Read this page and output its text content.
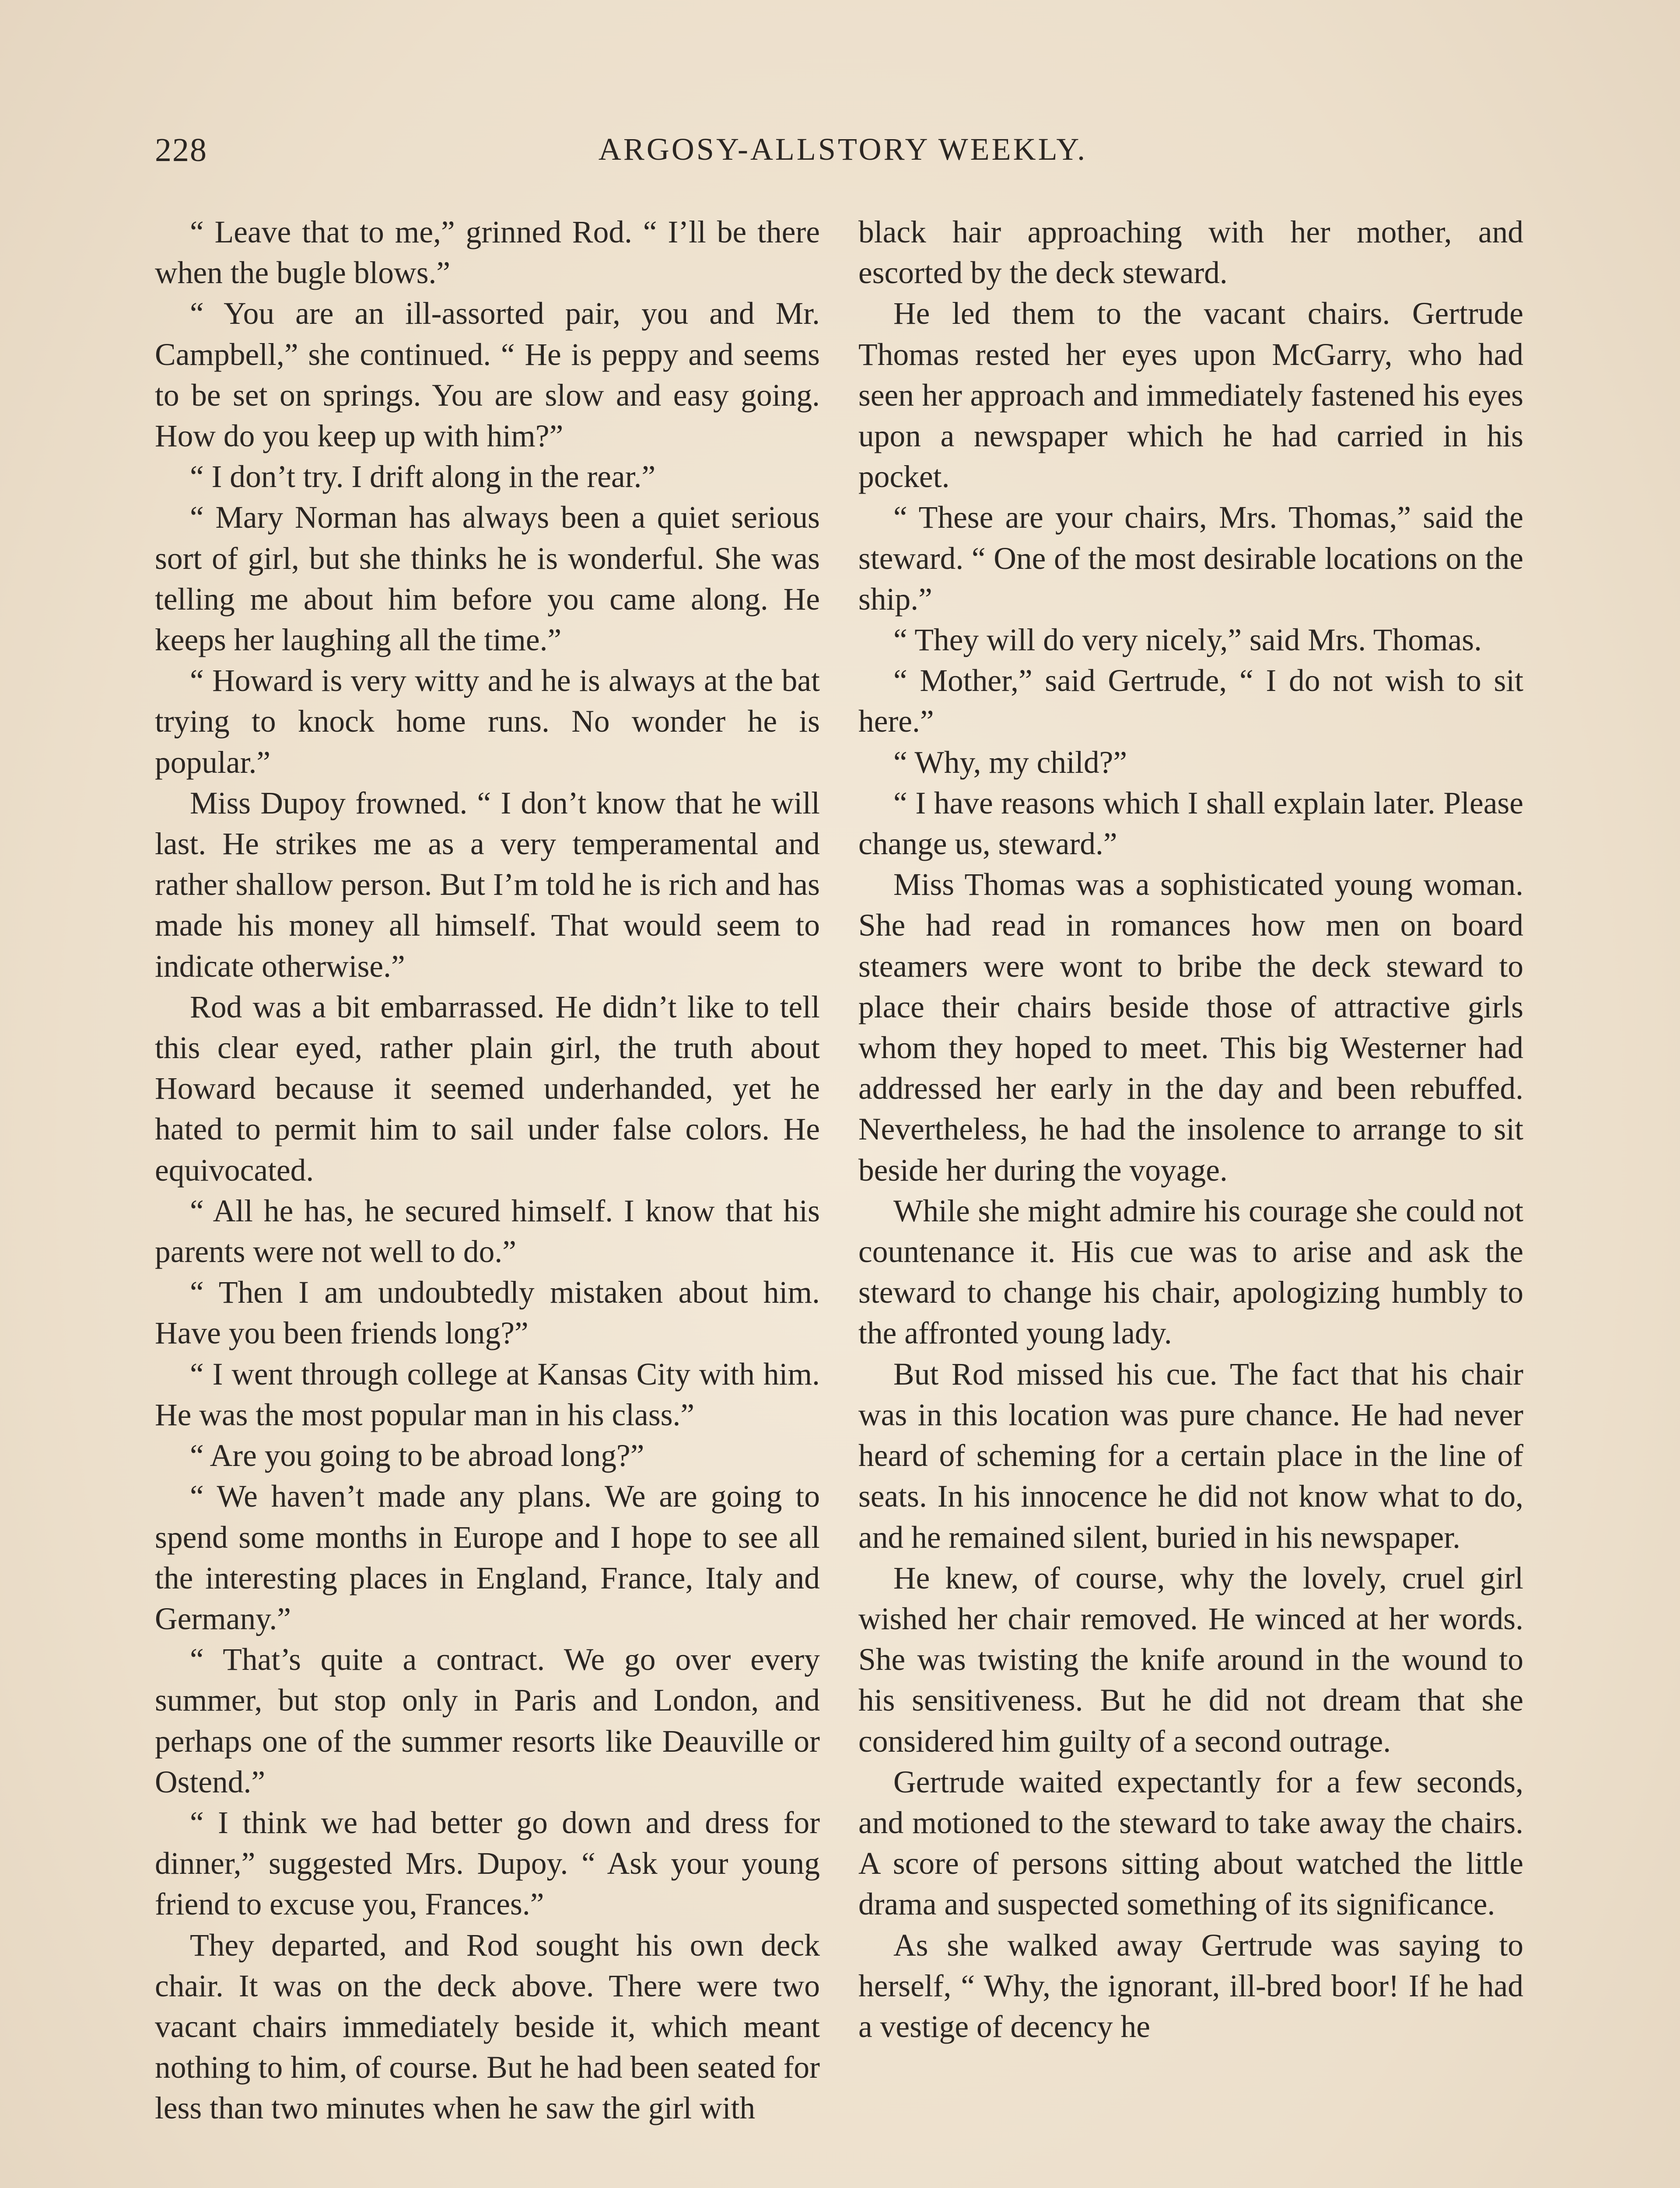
228	ARGOSY-ALLSTORY WEEKLY.

“ Leave that to me,” grinned Rod. “ I’ll be there when the bugle blows.”

“ You are an ill-assorted pair, you and Mr. Campbell,” she continued. “ He is peppy and seems to be set on springs. You are slow and easy going. How do you keep up with him?”

“ I don’t try. I drift along in the rear.”

“ Mary Norman has always been a quiet serious sort of girl, but she thinks he is wonderful. She was telling me about him before you came along. He keeps her laughing all the time.”

“ Howard is very witty and he is always at the bat trying to knock home runs. No wonder he is popular.”

Miss Dupoy frowned. “ I don’t know that he will last. He strikes me as a very temperamental and rather shallow person. But I’m told he is rich and has made his money all himself. That would seem to indicate otherwise.”

Rod was a bit embarrassed. He didn’t like to tell this clear eyed, rather plain girl, the truth about Howard because it seemed underhanded, yet he hated to permit him to sail under false colors. He equivocated.

“ All he has, he secured himself. I know that his parents were not well to do.”

“ Then I am undoubtedly mistaken about him. Have you been friends long?”

“ I went through college at Kansas City with him. He was the most popular man in his class.”

“ Are you going to be abroad long?”

“ We haven’t made any plans. We are going to spend some months in Europe and I hope to see all the interesting places in England, France, Italy and Germany.”

“ That’s quite a contract. We go over every summer, but stop only in Paris and London, and perhaps one of the summer resorts like Deauville or Ostend.”

“ I think we had better go down and dress for dinner,” suggested Mrs. Dupoy. “ Ask your young friend to excuse you, Frances.”

They departed, and Rod sought his own deck chair. It was on the deck above. There were two vacant chairs immediately beside it, which meant nothing to him, of course. But he had been seated for less than two minutes when he saw the girl with

black hair approaching with her mother, and escorted by the deck steward.

He led them to the vacant chairs. Gertrude Thomas rested her eyes upon McGarry, who had seen her approach and immediately fastened his eyes upon a newspaper which he had carried in his pocket.

“ These are your chairs, Mrs. Thomas,” said the steward. “ One of the most desirable locations on the ship.”

“ They will do very nicely,” said Mrs. Thomas.

“ Mother,” said Gertrude, “ I do not wish to sit here.”

“ Why, my child?”

“ I have reasons which I shall explain later. Please change us, steward.”

Miss Thomas was a sophisticated young woman. She had read in romances how men on board steamers were wont to bribe the deck steward to place their chairs beside those of attractive girls whom they hoped to meet. This big Westerner had addressed her early in the day and been rebuffed. Nevertheless, he had the insolence to arrange to sit beside her during the voyage.

While she might admire his courage she could not countenance it. His cue was to arise and ask the steward to change his chair, apologizing humbly to the affronted young lady.

But Rod missed his cue. The fact that his chair was in this location was pure chance. He had never heard of scheming for a certain place in the line of seats. In his innocence he did not know what to do, and he remained silent, buried in his newspaper.

He knew, of course, why the lovely, cruel girl wished her chair removed. He winced at her words. She was twisting the knife around in the wound to his sensitiveness. But he did not dream that she considered him guilty of a second outrage.

Gertrude waited expectantly for a few seconds, and motioned to the steward to take away the chairs. A score of persons sitting about watched the little drama and suspected something of its significance.

As she walked away Gertrude was saying to herself, “ Why, the ignorant, ill-bred boor! If he had a vestige of decency he
